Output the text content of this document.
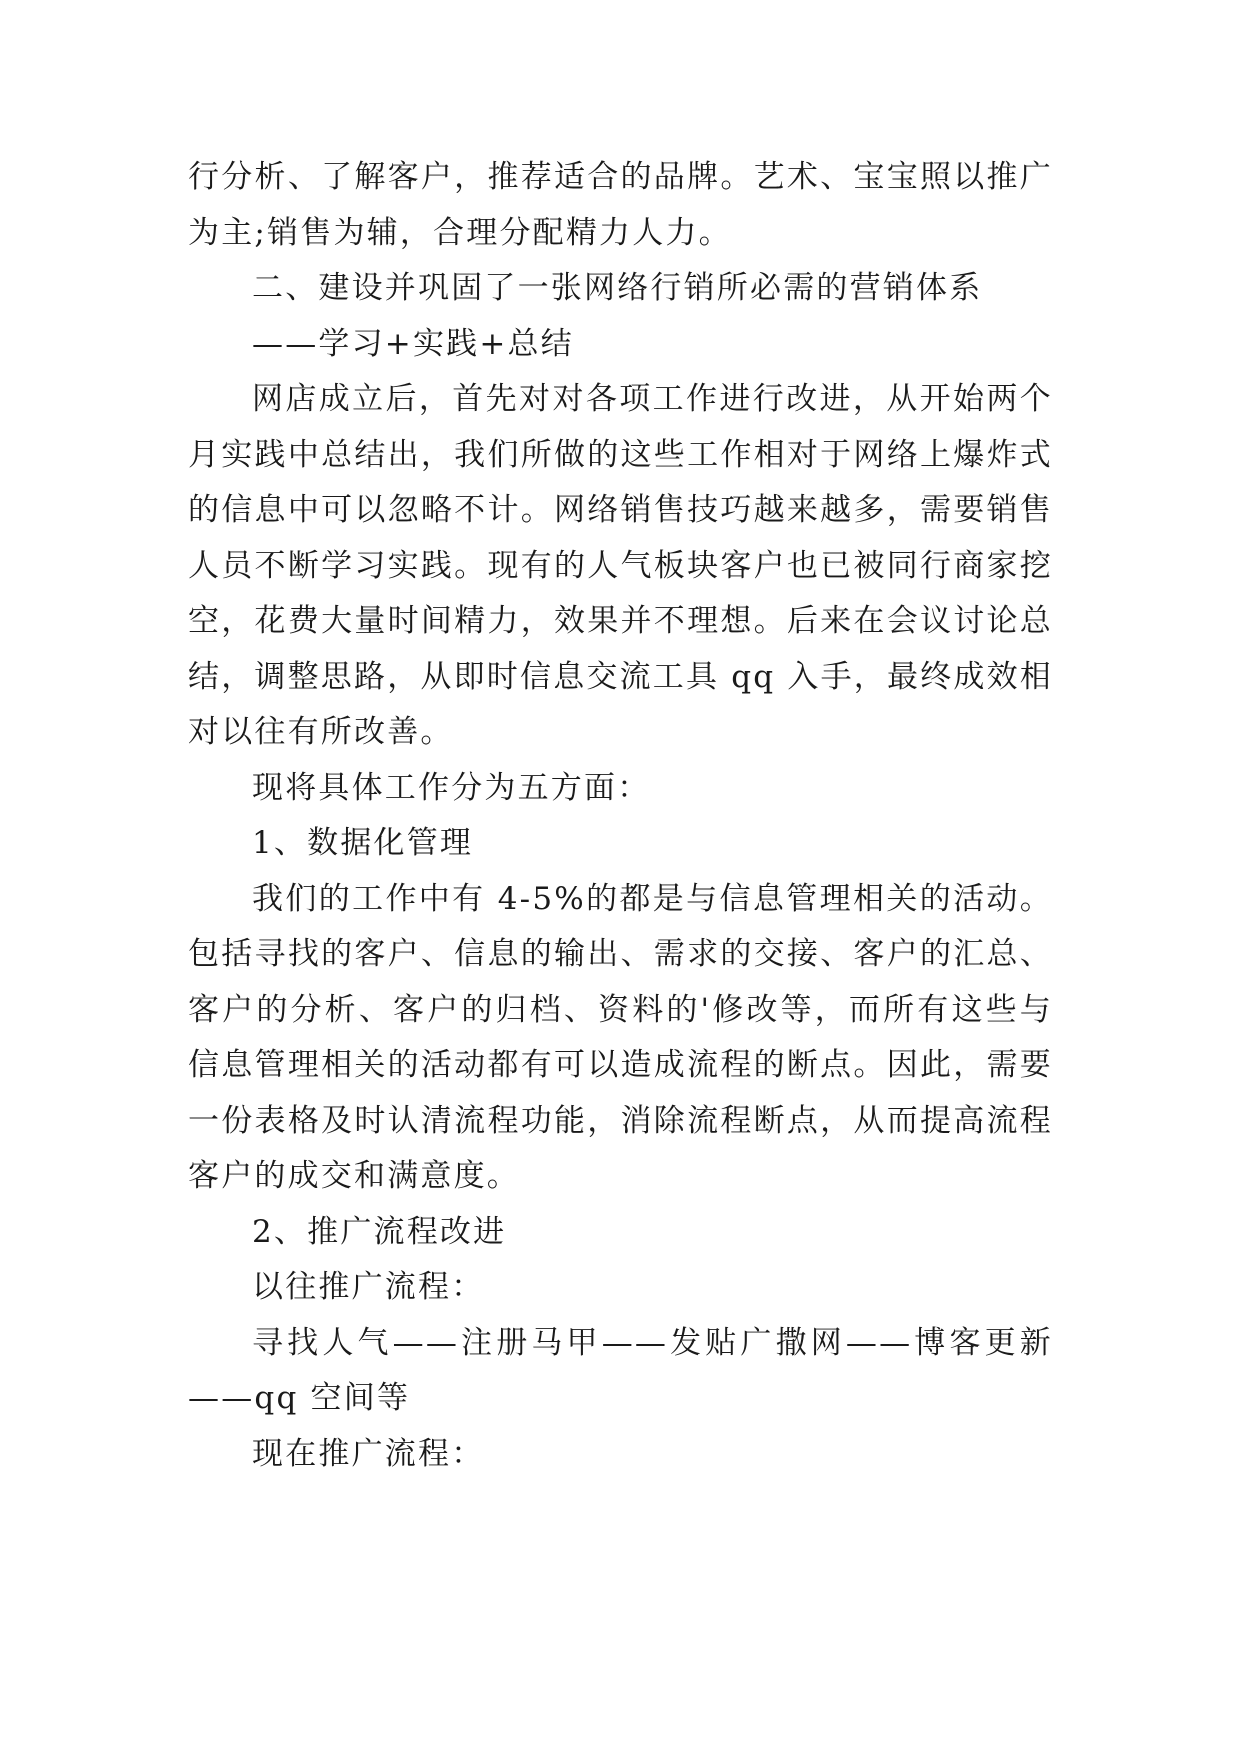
行分析、了解客户，推荐适合的品牌。艺术、宝宝照以推广为主;销售为辅，合理分配精力人力。

二、建设并巩固了一张网络行销所必需的营销体系

——学习+实践+总结

网店成立后，首先对对各项工作进行改进，从开始两个月实践中总结出，我们所做的这些工作相对于网络上爆炸式的信息中可以忽略不计。网络销售技巧越来越多，需要销售人员不断学习实践。现有的人气板块客户也已被同行商家挖空，花费大量时间精力，效果并不理想。后来在会议讨论总结，调整思路，从即时信息交流工具 qq 入手，最终成效相对以往有所改善。

现将具体工作分为五方面：

1、数据化管理

我们的工作中有 4-5%的都是与信息管理相关的活动。包括寻找的客户、信息的输出、需求的交接、客户的汇总、客户的分析、客户的归档、资料的'修改等，而所有这些与信息管理相关的活动都有可以造成流程的断点。因此，需要一份表格及时认清流程功能，消除流程断点，从而提高流程客户的成交和满意度。

2、推广流程改进

以往推广流程：

寻找人气——注册马甲——发贴广撒网——博客更新——qq 空间等

现在推广流程：
